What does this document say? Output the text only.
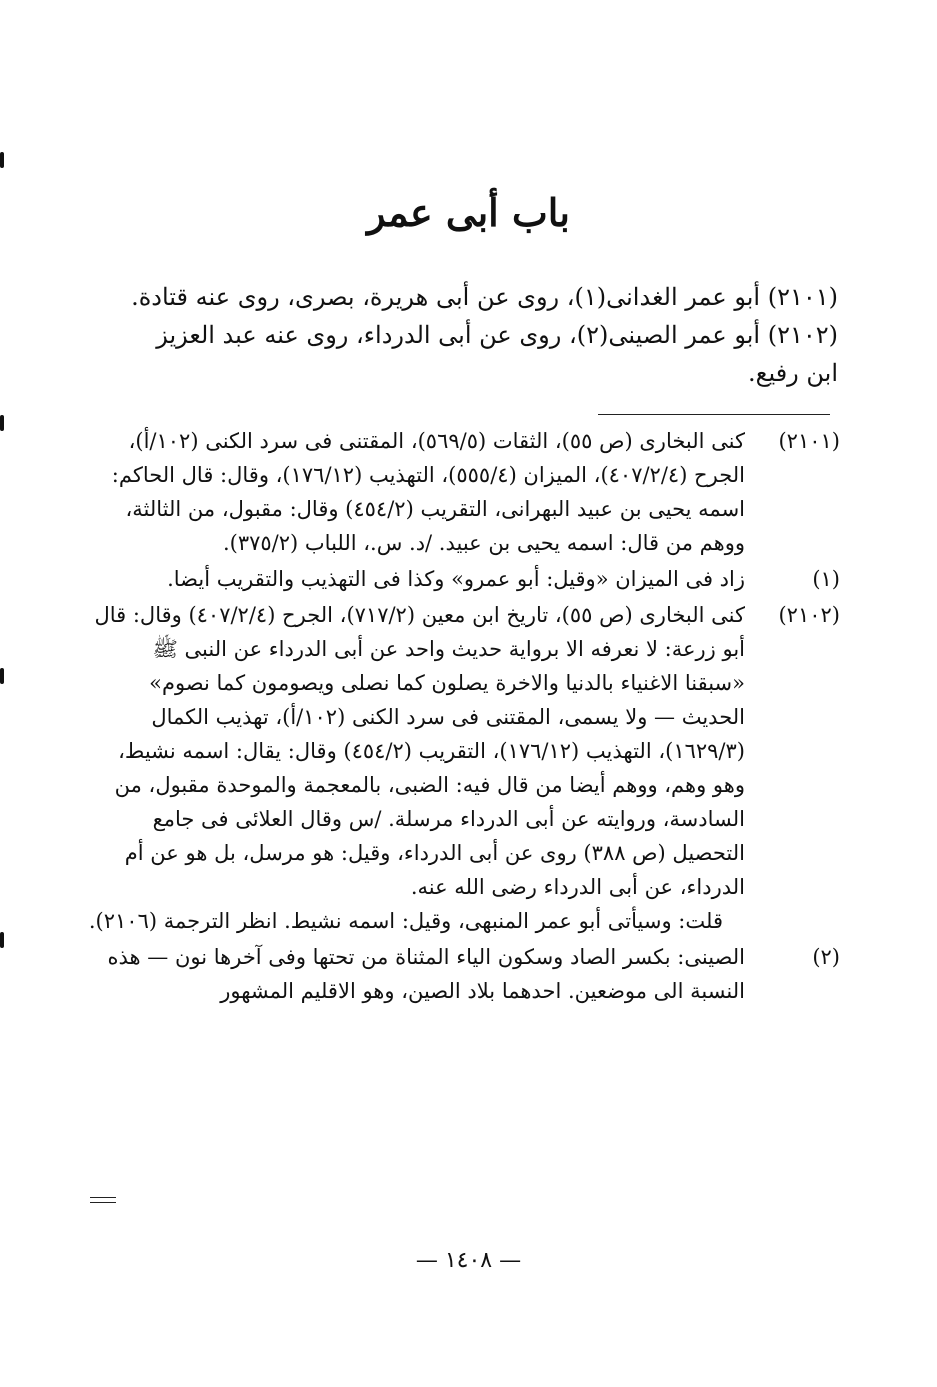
باب أبى عمر
(٢١٠١) أبو عمر الغدانى(١)، روى عن أبى هريرة، بصرى، روى عنه قتادة.
(٢١٠٢) أبو عمر الصينى(٢)، روى عن أبى الدرداء، روى عنه عبد العزيز
ابن رفيع.
(٢١٠١)

كنى البخارى (ص ٥٥)، الثقات (٥٦٩/٥)، المقتنى فى سرد الكنى (١٠٢/أ)، الجرح (٤٠٧/٢/٤)، الميزان (٥٥٥/٤)، التهذيب (١٧٦/١٢)، وقال: قال الحاكم: اسمه يحيى بن عبيد البهرانى، التقريب (٤٥٤/٢) وقال: مقبول، من الثالثة، ووهم من قال: اسمه يحيى بن عبيد. /د. س.، اللباب (٣٧٥/٢).

(١)

زاد فى الميزان «وقيل: أبو عمرو» وكذا فى التهذيب والتقريب أيضا.

(٢١٠٢)

كنى البخارى (ص ٥٥)، تاريخ ابن معين (٧١٧/٢)، الجرح (٤٠٧/٢/٤) وقال: قال أبو زرعة: لا نعرفه الا برواية حديث واحد عن أبى الدرداء عن النبى ﷺ «سبقنا الاغنياء بالدنيا والاخرة يصلون كما نصلى ويصومون كما نصوم» الحديث — ولا يسمى، المقتنى فى سرد الكنى (١٠٢/أ)، تهذيب الكمال (١٦٢٩/٣)، التهذيب (١٧٦/١٢)، التقريب (٤٥٤/٢) وقال: يقال: اسمه نشيط، وهو وهم، ووهم أيضا من قال فيه: الضبى، بالمعجمة والموحدة مقبول، من السادسة، وروايته عن أبى الدرداء مرسلة. /س وقال العلائى فى جامع التحصيل (ص ٣٨٨) روى عن أبى الدرداء، وقيل: هو مرسل، بل هو عن أم الدرداء، عن أبى الدرداء رضى الله عنه.

قلت: وسيأتى أبو عمر المنبهى، وقيل: اسمه نشيط. انظر الترجمة (٢١٠٦).

(٢)

الصينى: بكسر الصاد وسكون الياء المثناة من تحتها وفى آخرها نون — هذه النسبة الى موضعين. احدهما بلاد الصين، وهو الاقليم المشهور

— ١٤٠٨ —
